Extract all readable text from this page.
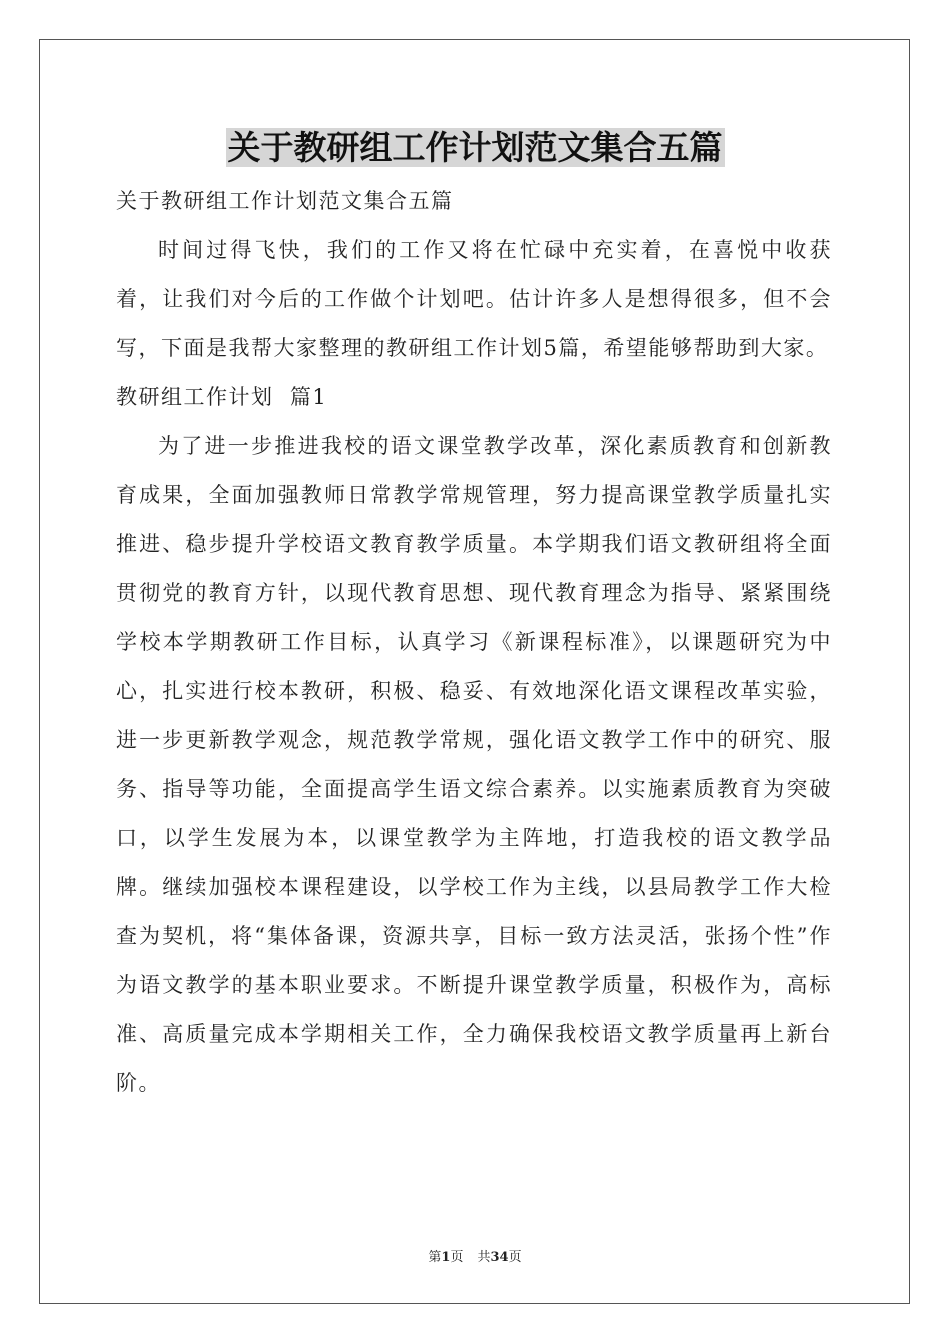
关于教研组工作计划范文集合五篇

关于教研组工作计划范文集合五篇

时间过得飞快，我们的工作又将在忙碌中充实着，在喜悦中收获着，让我们对今后的工作做个计划吧。估计许多人是想得很多，但不会写，下面是我帮大家整理的教研组工作计划5篇，希望能够帮助到大家。

教研组工作计划  篇1

为了进一步推进我校的语文课堂教学改革，深化素质教育和创新教育成果，全面加强教师日常教学常规管理，努力提高课堂教学质量扎实推进、稳步提升学校语文教育教学质量。本学期我们语文教研组将全面贯彻党的教育方针，以现代教育思想、现代教育理念为指导、紧紧围绕学校本学期教研工作目标，认真学习《新课程标准》，以课题研究为中心，扎实进行校本教研，积极、稳妥、有效地深化语文课程改革实验，进一步更新教学观念，规范教学常规，强化语文教学工作中的研究、服务、指导等功能，全面提高学生语文综合素养。以实施素质教育为突破口，以学生发展为本，以课堂教学为主阵地，打造我校的语文教学品牌。继续加强校本课程建设，以学校工作为主线，以县局教学工作大检查为契机，将“集体备课，资源共享，目标一致方法灵活，张扬个性”作为语文教学的基本职业要求。不断提升课堂教学质量，积极作为，高标准、高质量完成本学期相关工作，全力确保我校语文教学质量再上新台阶。

第1页 共34页
